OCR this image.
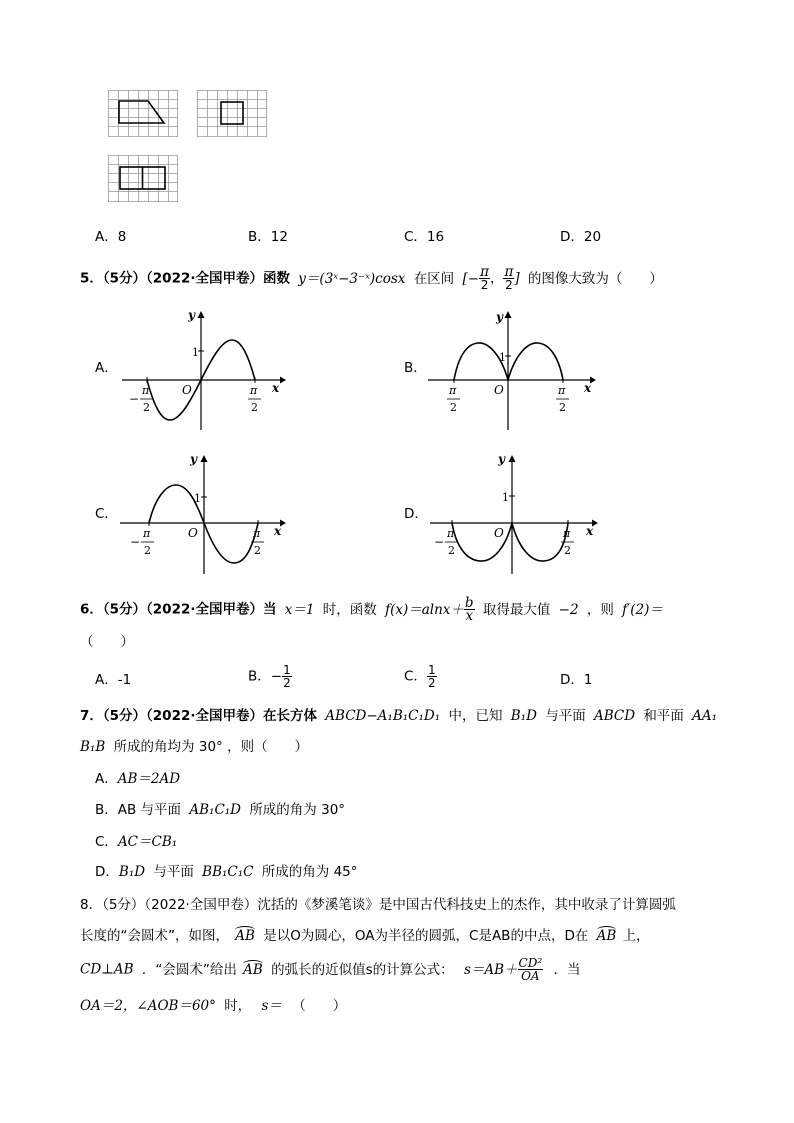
A．8	B．12	C．16	D．20
5．（5分）（2022·全国甲卷）函数 y＝(3ˣ−3⁻ˣ)cosx 在区间 [− $\frac{\pi}{2}$ ， $\frac{\pi}{2}$ ] 的图像大致为（　　）
A．	B．
C．	D．
y
x
1
O
−
π
2
π
2
y
x
1
O
π
2
π
2
y
x
1
O
−
π
2
π
2
y
x
1
O
−
π
2
π
2
6．（5分）（2022·全国甲卷）当 x＝1 时，函数 $f(x)=alnx+ \frac{b}{x}$ 取得最大值 −2 ，则 f′(2)＝
（　　）
A．-1	B．− $\frac{1}{2}$	C． $\frac{1}{2}$	D．1
7．（5分）（2022·全国甲卷）在长方体 ABCD−A₁B₁C₁D₁ 中，已知 B₁D 与平面 ABCD 和平面 AA₁
B₁B 所成的角均为 30° ，则（　　）
A．AB＝2AD
B．AB 与平面 AB₁C₁D 所成的角为 30°
C．AC＝CB₁
D．B₁D 与平面 BB₁C₁C 所成的角为 45°
8．（5分）（2022·全国甲卷）沈括的《梦溪笔谈》是中国古代科技史上的杰作，其中收录了计算圆弧
长度的“会圆术”，如图， AB 是以O为圆心，OA为半径的圆弧，C是AB的中点，D在 AB 上，
CD⊥AB ．“会圆术”给出 AB 的弧长的近似值s的计算公式： $s=AB+ \frac{\text{CD²}}{OA}$ ．当
OA＝2，∠AOB＝60° 时， s＝ （　　）
